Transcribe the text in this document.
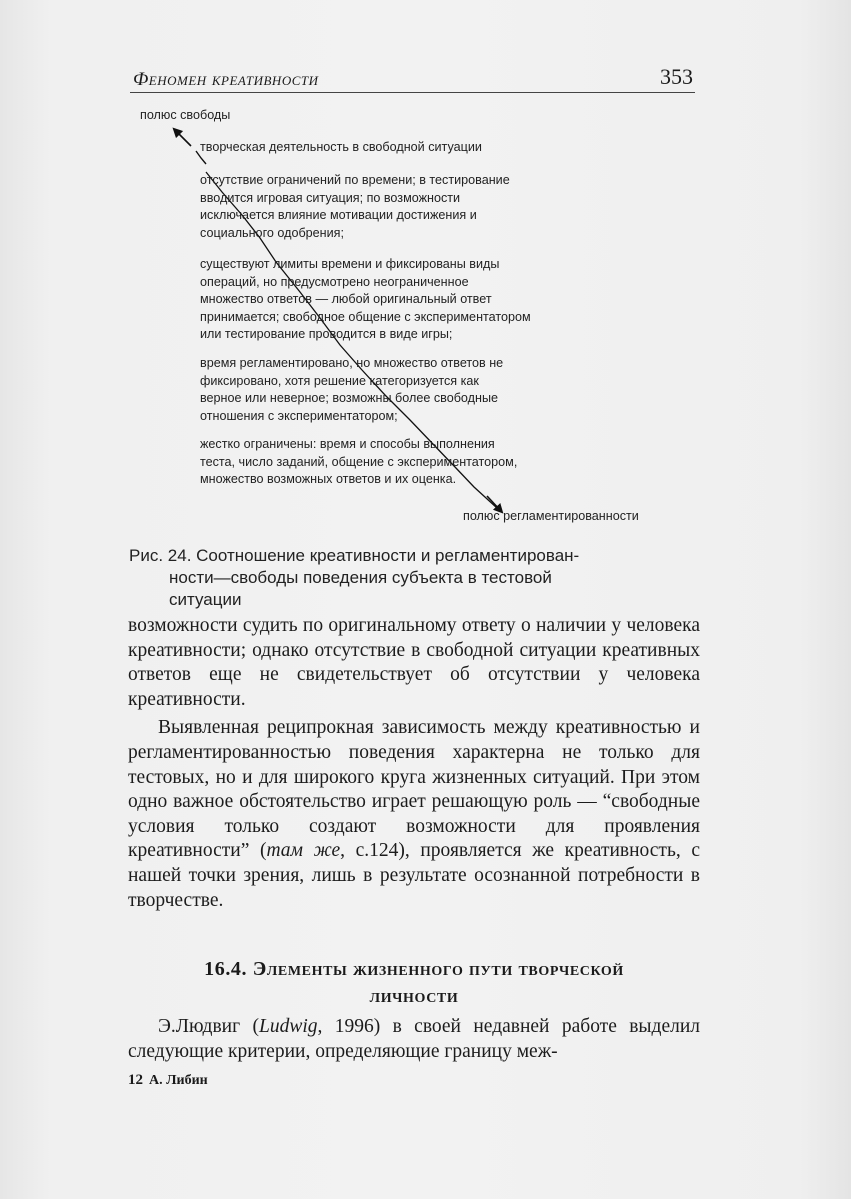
Феномен креативности	353
полюс свободы
творческая деятельность в свободной ситуации
отсутствие ограничений по времени; в тестирование
вводится игровая ситуация; по возможности
исключается влияние мотивации достижения и
социального одобрения;
существуют лимиты времени и фиксированы виды
операций, но предусмотрено неограниченное
множество ответов — любой оригинальный ответ
принимается; свободное общение с экспериментатором
или тестирование проводится в виде игры;
время регламентировано, но множество ответов не
фиксировано, хотя решение категоризуется как
верное или неверное; возможны более свободные
отношения с экспериментатором;
жестко ограничены: время и способы выполнения
теста, число заданий, общение с экспериментатором,
множество возможных ответов и их оценка.
полюс регламентированности
Рис. 24. Соотношение креативности и регламентирован-
ности—свободы поведения субъекта в тестовой
ситуации

возможности судить по оригинальному ответу о наличии у человека креативности; однако отсутствие в свободной ситуации креативных ответов еще не свидетельствует об отсутствии у человека креативности.

Выявленная реципрокная зависимость между креативностью и регламентированностью поведения характерна не только для тестовых, но и для широкого круга жизненных ситуаций. При этом одно важное обстоятельство играет решающую роль — “свободные условия только создают возможности для проявления креативности” (там же, с.124), проявляется же креативность, с нашей точки зрения, лишь в результате осознанной потребности в творчестве.

16.4. Элементы жизненного пути творческой
личности

Э.Людвиг (Ludwig, 1996) в своей недавней работе выделил следующие критерии, определяющие границу меж-

12 А. Либин
